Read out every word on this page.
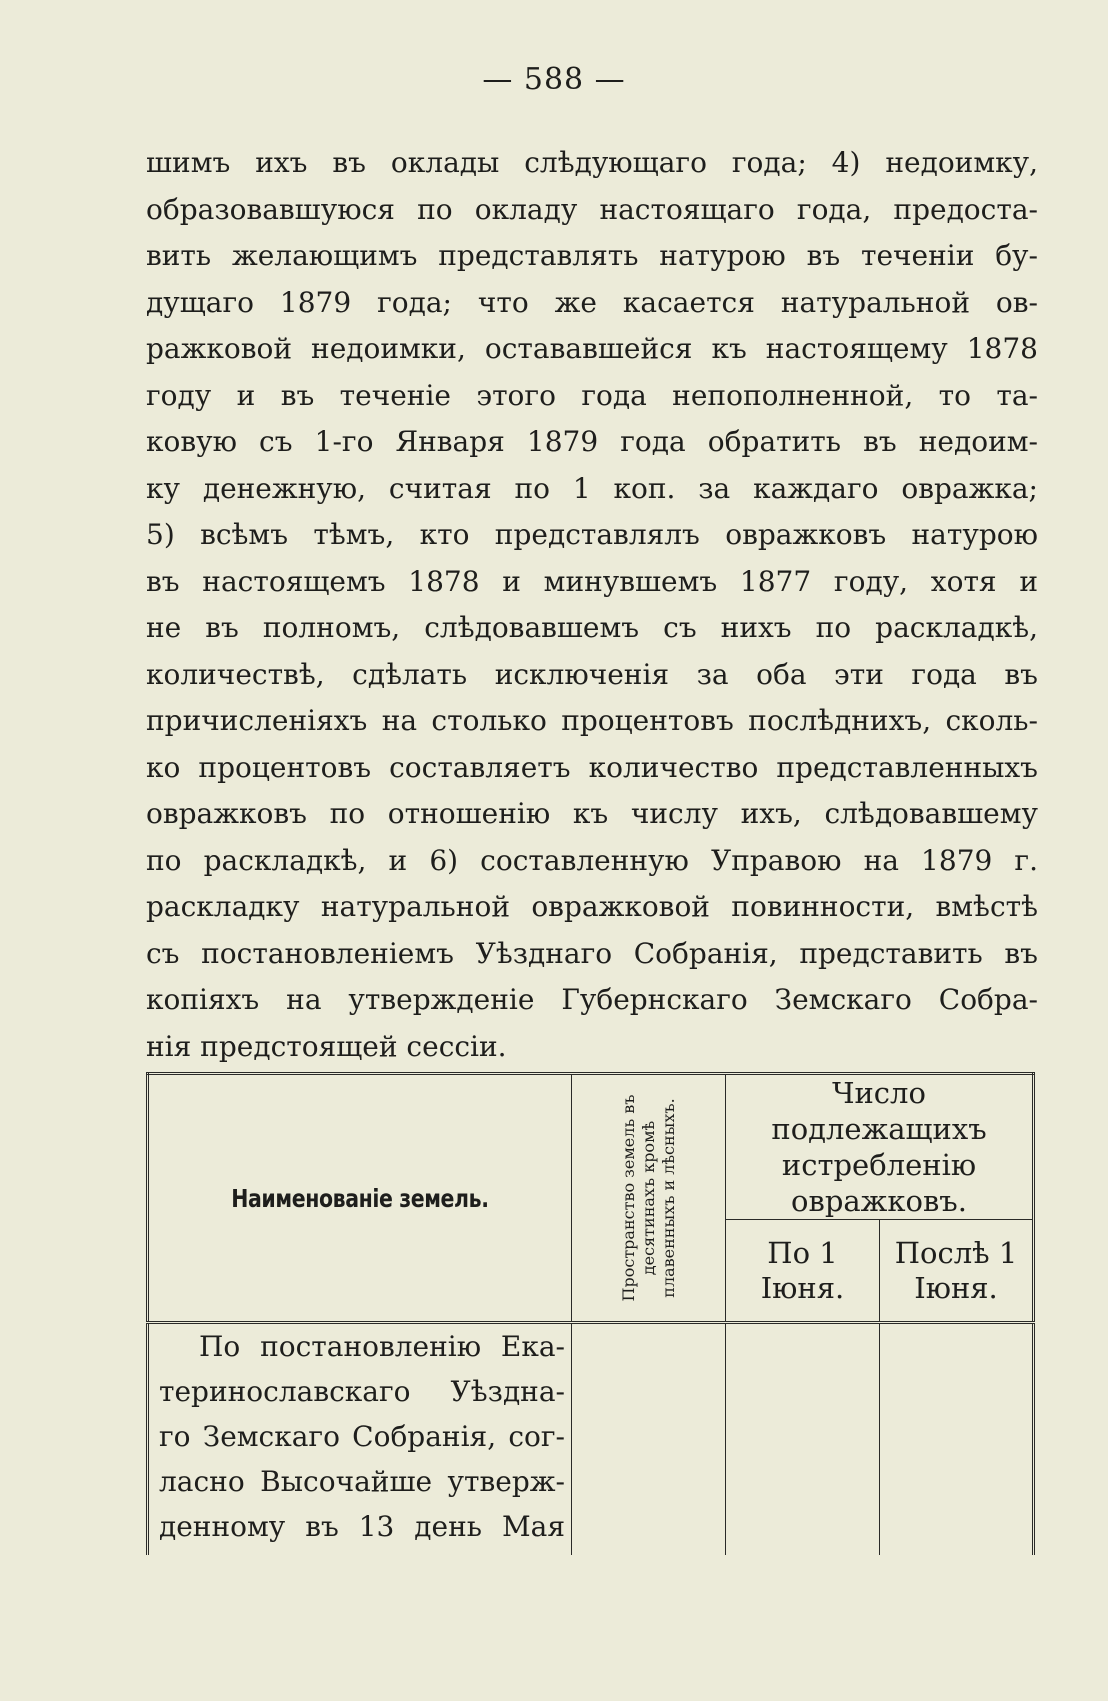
— 588 —
шимъ ихъ въ оклады слѣдующаго года; 4) недоимку,
образовавшуюся по окладу настоящаго года, предоста-
вить желающимъ представлять натурою въ теченіи бу-
дущаго 1879 года; что же касается натуральной ов-
ражковой недоимки, остававшейся къ настоящему 1878
году и въ теченіе этого года непополненной, то та-
ковую съ 1-го Января 1879 года обратить въ недоим-
ку денежную, считая по 1 коп. за каждаго овражка;
5) всѣмъ тѣмъ, кто представлялъ овражковъ натурою
въ настоящемъ 1878 и минувшемъ 1877 году, хотя и
не въ полномъ, слѣдовавшемъ съ нихъ по раскладкѣ,
количествѣ, сдѣлать исключенія за оба эти года въ
причисленіяхъ на столько процентовъ послѣднихъ, сколь-
ко процентовъ составляетъ количество представленныхъ
овражковъ по отношенію къ числу ихъ, слѣдовавшему
по раскладкѣ, и 6) составленную Управою на 1879 г.
раскладку натуральной овражковой повинности, вмѣстѣ
съ постановленіемъ Уѣзднаго Собранія, представить въ
копіяхъ на утвержденіе Губернскаго Земскаго Собра-
нія предстоящей сессіи.
Наименованіе земель.	Пространство земель въ десятинахъ кромѣ плавенныхъ и лѣсныхъ.	Число подлежащихъ истребленію овражковъ.	

		По 1 Іюня.	Послѣ 1 Іюня.

По постановленію Ека-
теринославскаго Уѣзднa-
го Земскаго Собранія, сог-
ласно Высочайше утверж-
денному въ 13 день Мая			
